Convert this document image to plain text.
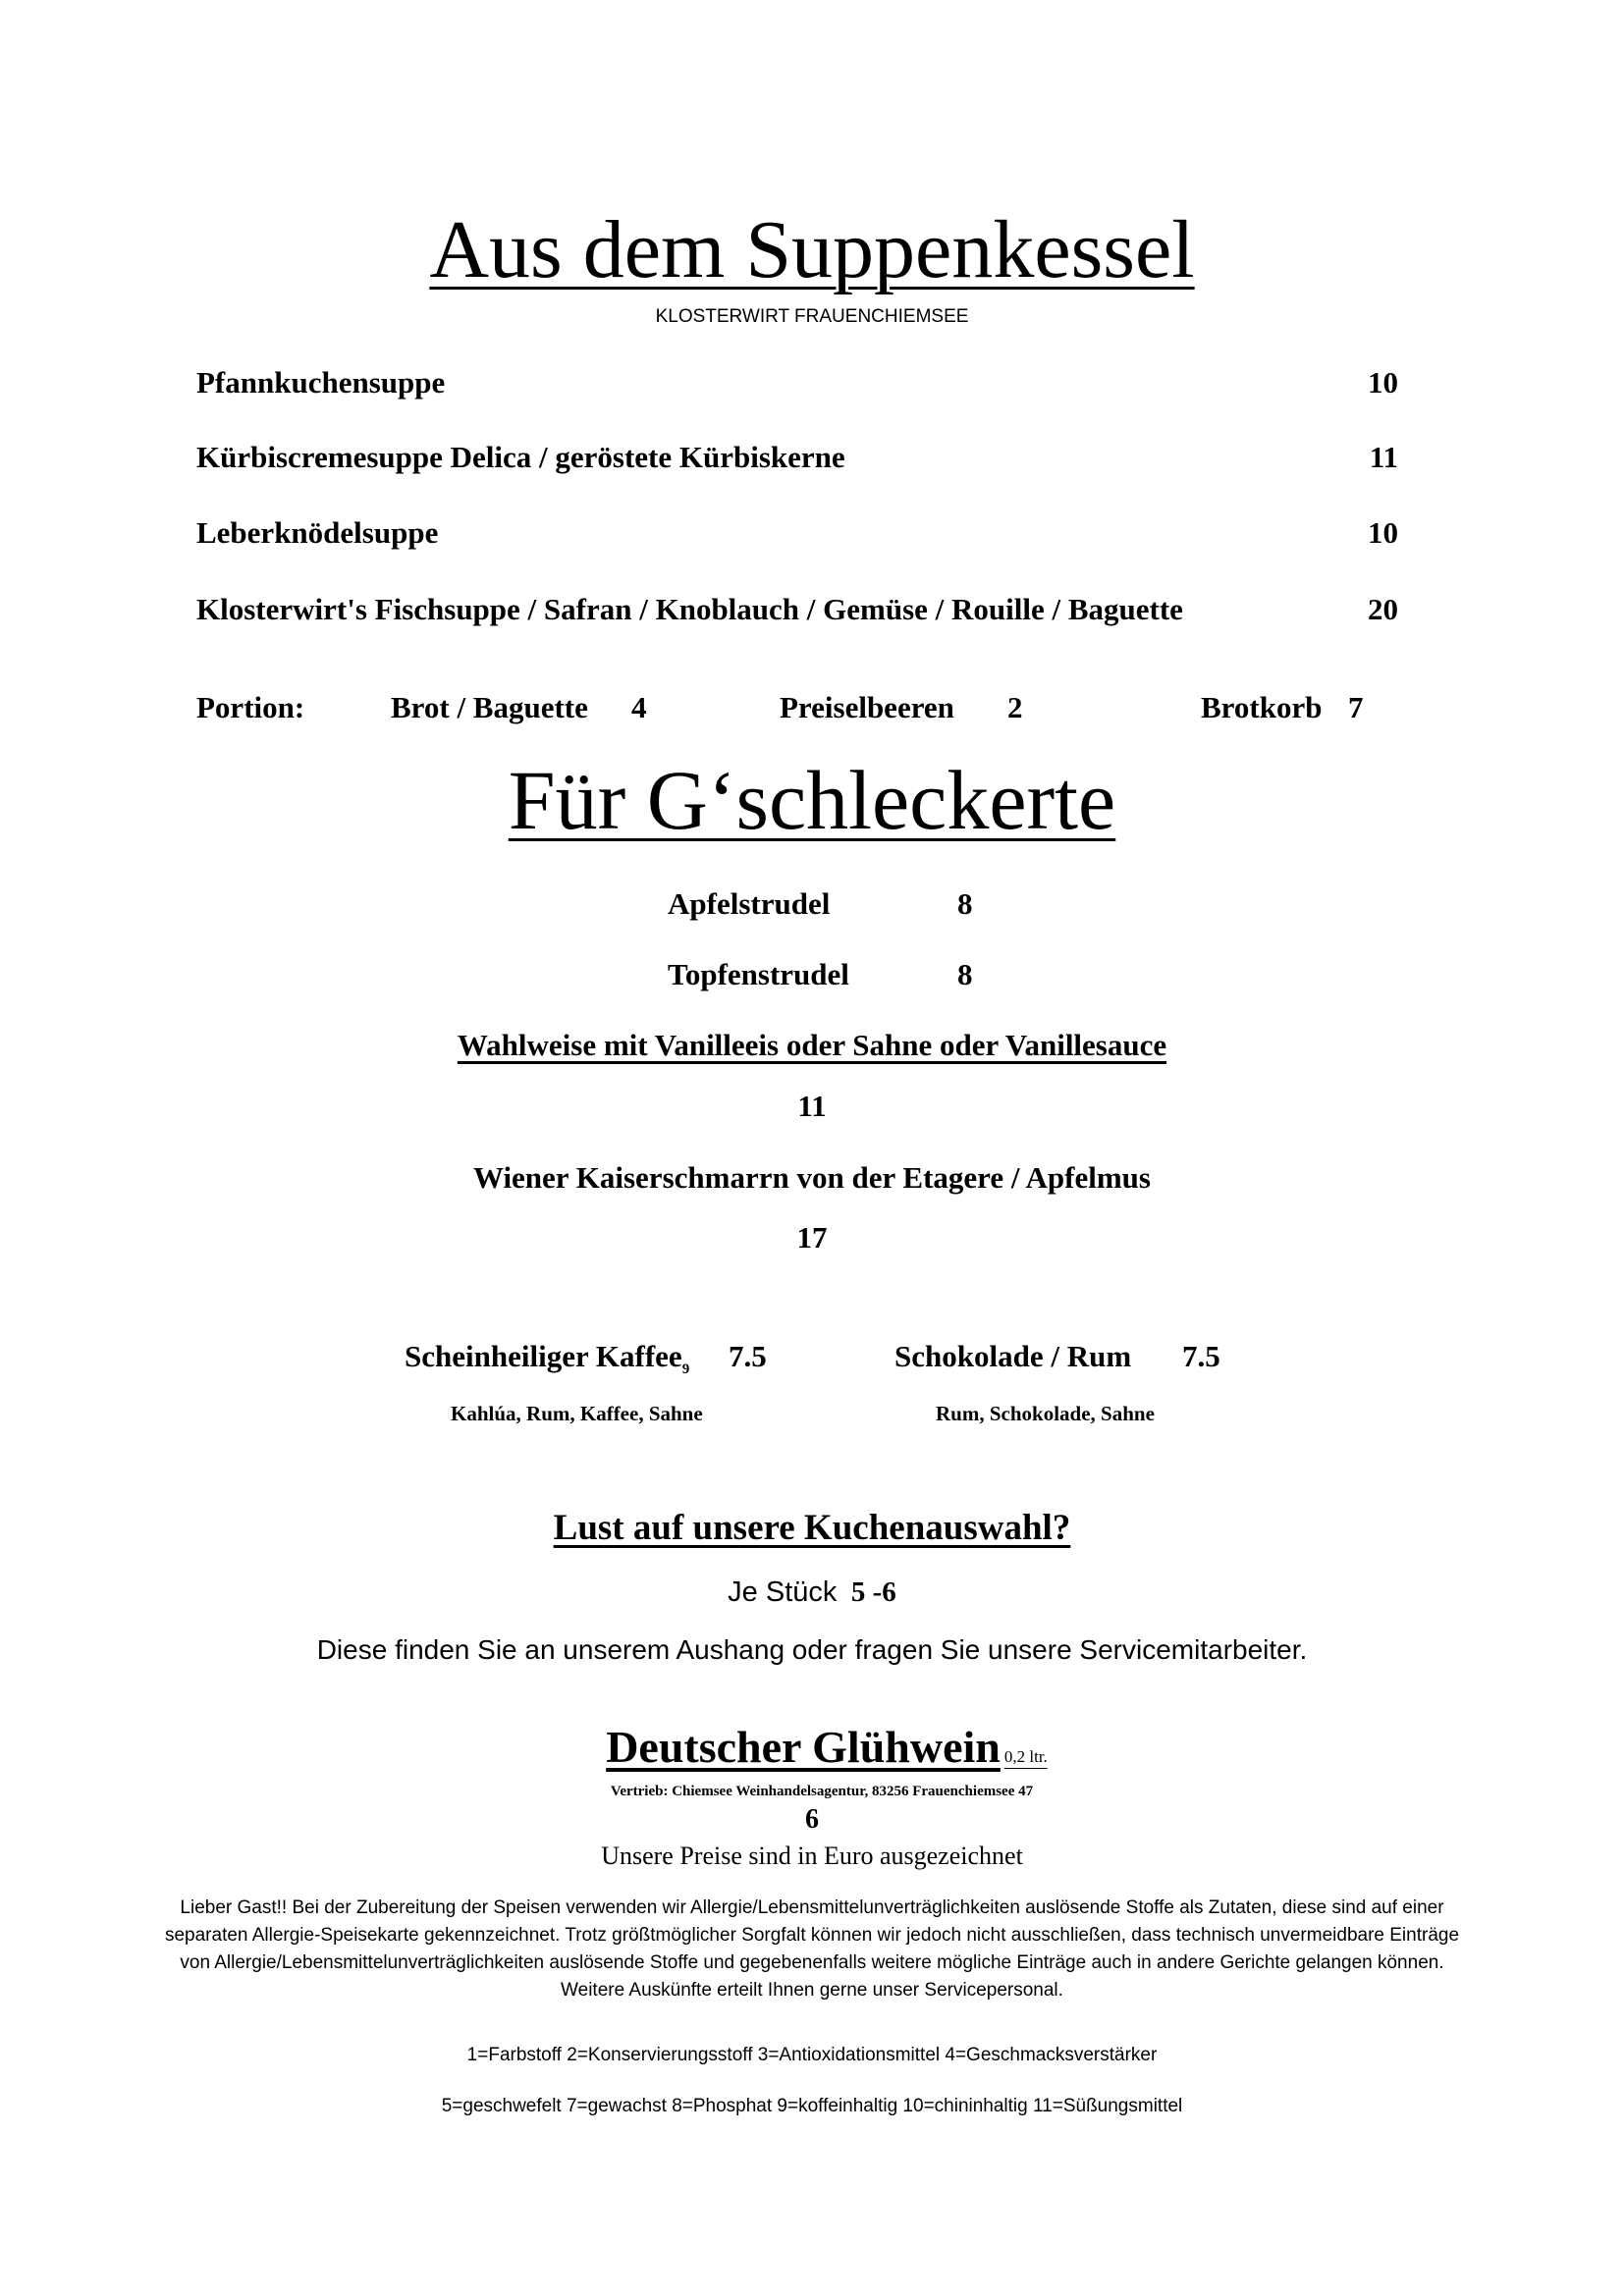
Aus dem Suppenkessel
KLOSTERWIRT FRAUENCHIEMSEE
Pfannkuchensuppe	10
Kürbiscremesuppe Delica / geröstete Kürbiskerne	11
Leberknödelsuppe	10
Klosterwirt's Fischsuppe / Safran / Knoblauch / Gemüse / Rouille / Baguette	20
Portion:	Brot / Baguette 4	Preiselbeeren 2	Brotkorb 7
Für G‘schleckerte
Apfelstrudel	8
Topfenstrudel	8
Wahlweise mit Vanilleeis oder Sahne oder Vanillesauce
11
Wiener Kaiserschmarrn von der Etagere / Apfelmus
17
Scheinheiliger Kaffee$_9$ 7.5
Kahlúa, Rum, Kaffee, Sahne
Schokolade / Rum 7.5
Rum, Schokolade, Sahne
Lust auf unsere Kuchenauswahl?
Je Stück 5 -6
Diese finden Sie an unserem Aushang oder fragen Sie unsere Servicemitarbeiter.
Deutscher Glühwein 0,2 ltr.
Vertrieb: Chiemsee Weinhandelsagentur, 83256 Frauenchiemsee 47
6
Unsere Preise sind in Euro ausgezeichnet
Lieber Gast!! Bei der Zubereitung der Speisen verwenden wir Allergie/Lebensmittelunverträglichkeiten auslösende Stoffe als Zutaten, diese sind auf einer
separaten Allergie-Speisekarte gekennzeichnet. Trotz größtmöglicher Sorgfalt können wir jedoch nicht ausschließen, dass technisch unvermeidbare Einträge
von Allergie/Lebensmittelunverträglichkeiten auslösende Stoffe und gegebenenfalls weitere mögliche Einträge auch in andere Gerichte gelangen können.
Weitere Auskünfte erteilt Ihnen gerne unser Servicepersonal.
1=Farbstoff 2=Konservierungsstoff 3=Antioxidationsmittel 4=Geschmacksverstärker
5=geschwefelt 7=gewachst 8=Phosphat 9=koffeinhaltig 10=chininhaltig 11=Süßungsmittel
